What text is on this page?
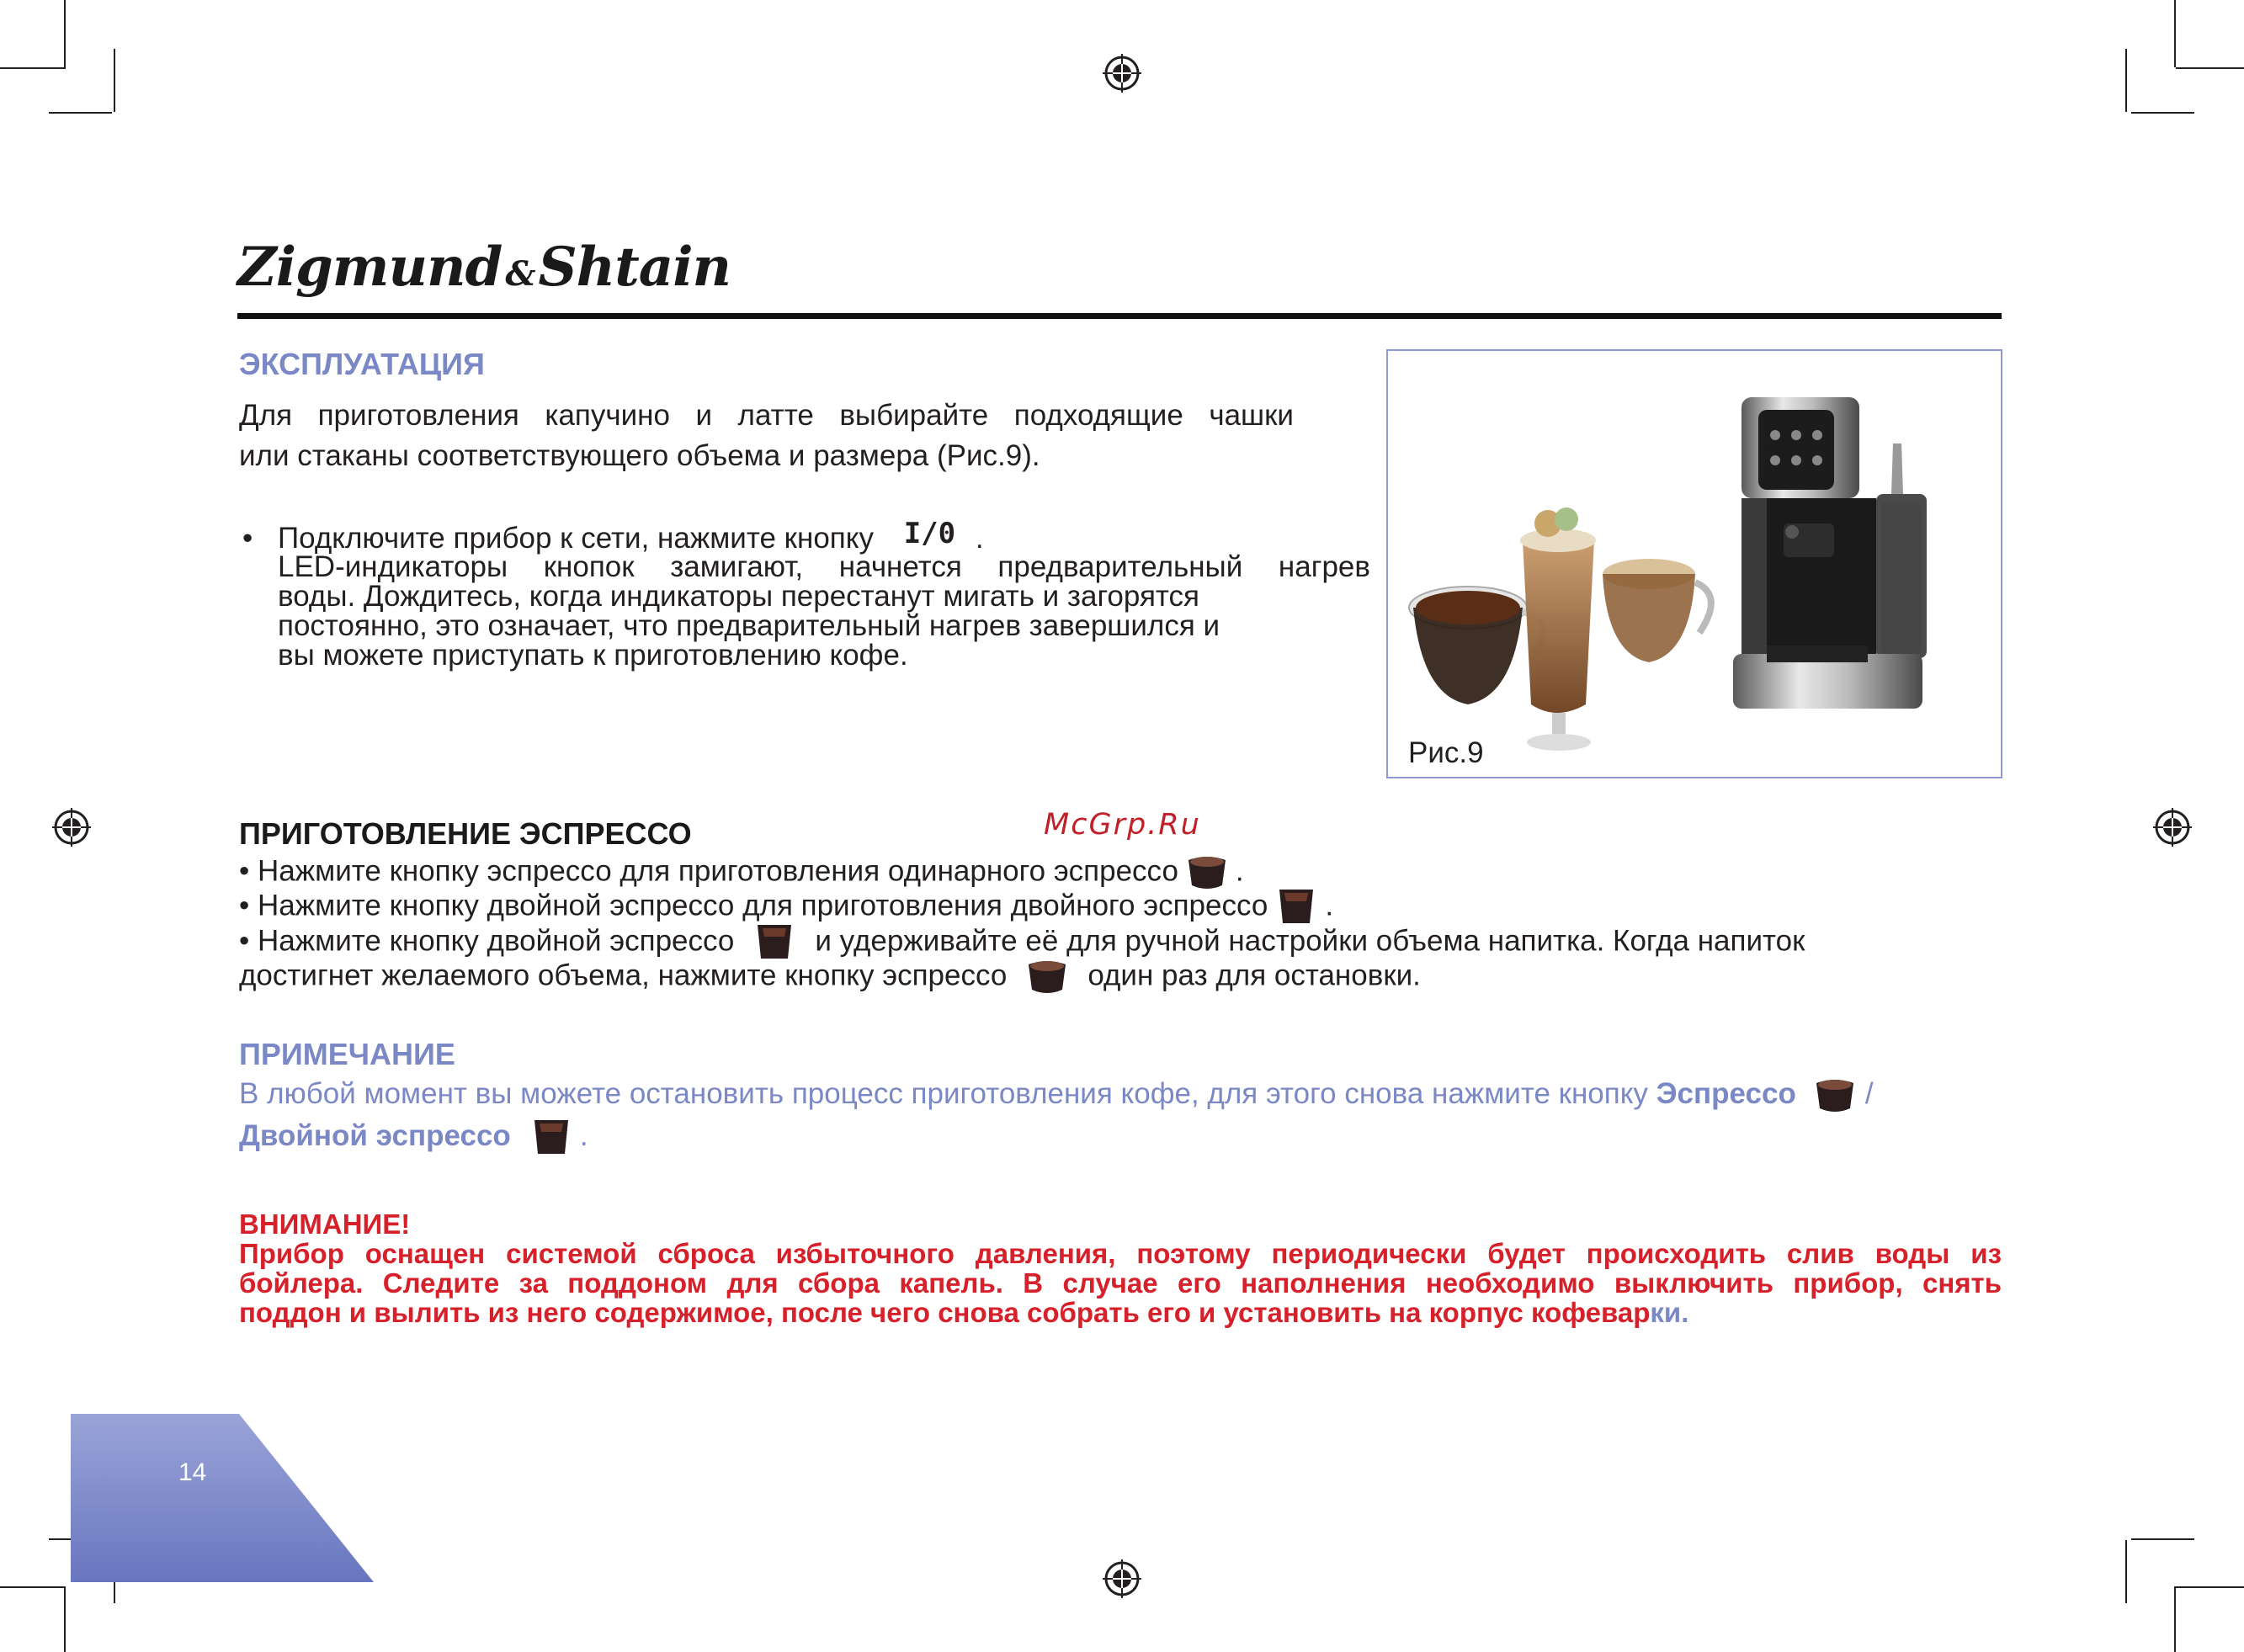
Zigmund &Shtain
ЭКСПЛУАТАЦИЯ
Для приготовления капучино и латте выбирайте подходящие чашки
или стаканы соответствующего объема и размера (Рис.9).
• Подключите прибор к сети, нажмите кнопку I/0 .
LED-индикаторы кнопок замигают, начнется предварительный нагрев
воды. Дождитесь, когда индикаторы перестанут мигать и загорятся
постоянно, это означает, что предварительный нагрев завершился и
вы можете приступать к приготовлению кофе.
Рис.9
McGrp.Ru
ПРИГОТОВЛЕНИЕ ЭСПРЕССО
• Нажмите кнопку эспрессо для приготовления одинарного эспрессо .
• Нажмите кнопку двойной эспрессо для приготовления двойного эспрессо .
• Нажмите кнопку двойной эспрессо	и удерживайте её для ручной настройки объема напитка. Когда напиток
достигнет желаемого объема, нажмите кнопку эспрессо	один раз для остановки.
ПРИМЕЧАНИЕ
В любой момент вы можете остановить процесс приготовления кофе, для этого снова нажмите кнопку Эспрессо /
Двойной эспрессо .
ВНИМАНИЕ!
Прибор оснащен системой сброса избыточного давления, поэтому периодически будет происходить слив воды из
бойлера. Следите за поддоном для сбора капель. В случае его наполнения необходимо выключить прибор, снять
поддон и вылить из него содержимое, после чего снова собрать его и установить на корпус кофеварки.
14
